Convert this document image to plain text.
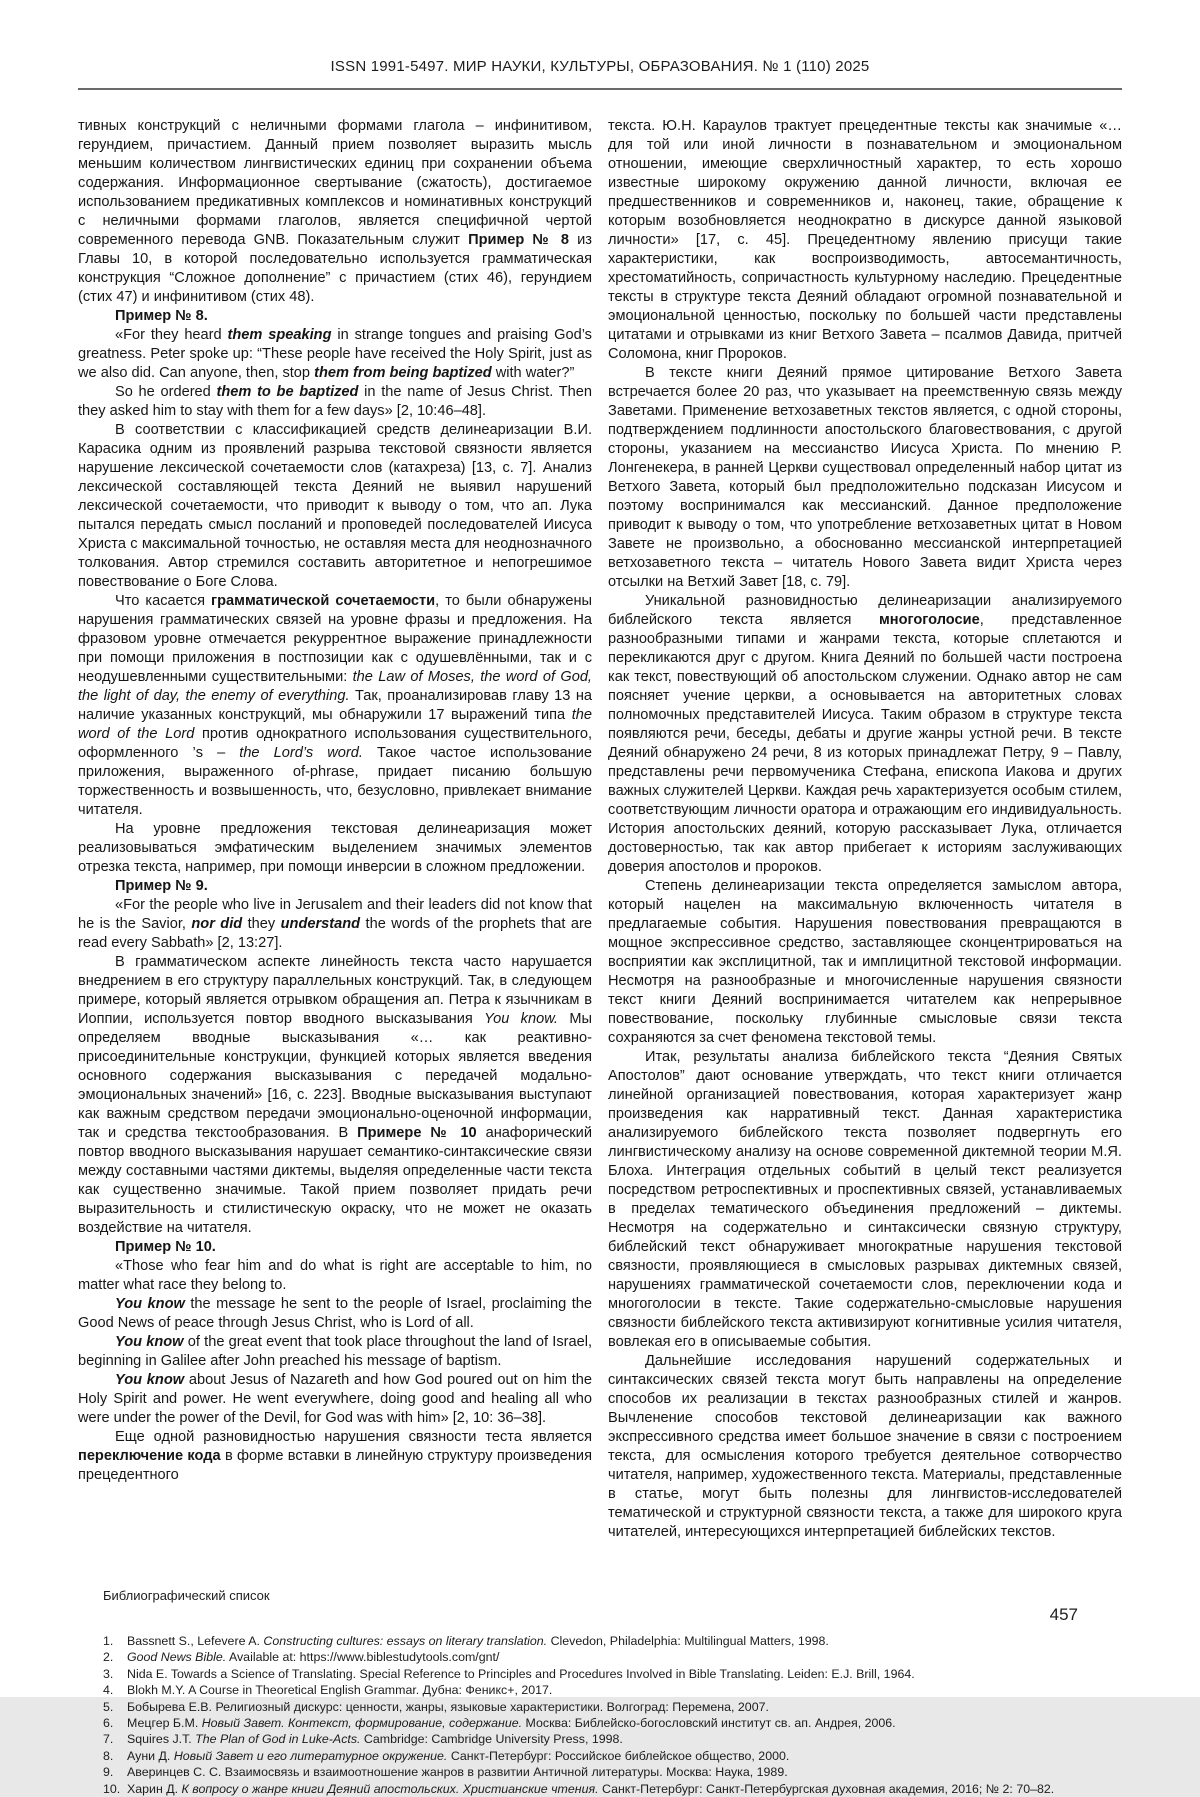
ISSN 1991-5497. МИР НАУКИ, КУЛЬТУРЫ, ОБРАЗОВАНИЯ. № 1 (110) 2025

тивных конструкций с неличными формами глагола – инфинитивом, герундием, причастием. Данный прием позволяет выразить мысль меньшим количеством лингвистических единиц при сохранении объема содержания. Информационное свертывание (сжатость), достигаемое использованием предикативных комплексов и номинативных конструкций с неличными формами глаголов, является специфичной чертой современного перевода GNB. Показательным служит Пример № 8 из Главы 10, в которой последовательно используется грамматическая конструкция “Сложное дополнение” с причастием (стих 46), герундием (стих 47) и инфинитивом (стих 48).

Пример № 8.

«For they heard them speaking in strange tongues and praising God’s greatness. Peter spoke up: “These people have received the Holy Spirit, just as we also did. Can anyone, then, stop them from being baptized with water?”

So he ordered them to be baptized in the name of Jesus Christ. Then they asked him to stay with them for a few days» [2, 10:46–48].

В соответствии с классификацией средств делинеаризации В.И. Карасика одним из проявлений разрыва текстовой связности является нарушение лексической сочетаемости слов (катахреза) [13, с. 7]. Анализ лексической составляющей текста Деяний не выявил нарушений лексической сочетаемости, что приводит к выводу о том, что ап. Лука пытался передать смысл посланий и проповедей последователей Иисуса Христа с максимальной точностью, не оставляя места для неоднозначного толкования. Автор стремился составить авторитетное и непогрешимое повествование о Боге Слова.

Что касается грамматической сочетаемости, то были обнаружены нарушения грамматических связей на уровне фразы и предложения. На фразовом уровне отмечается рекуррентное выражение принадлежности при помощи приложения в постпозиции как с одушевлёнными, так и с неодушевленными существительными: the Law of Moses, the word of God, the light of day, the enemy of everything. Так, проанализировав главу 13 на наличие указанных конструкций, мы обнаружили 17 выражений типа the word of the Lord против однократного использования существительного, оформленного ’s – the Lord’s word. Такое частое использование приложения, выраженного of-phrase, придает писанию большую торжественность и возвышенность, что, безусловно, привлекает внимание читателя.

На уровне предложения текстовая делинеаризация может реализовываться эмфатическим выделением значимых элементов отрезка текста, например, при помощи инверсии в сложном предложении.

Пример № 9.

«For the people who live in Jerusalem and their leaders did not know that he is the Savior, nor did they understand the words of the prophets that are read every Sabbath» [2, 13:27].

В грамматическом аспекте линейность текста часто нарушается внедрением в его структуру параллельных конструкций. Так, в следующем примере, который является отрывком обращения ап. Петра к язычникам в Иоппии, используется повтор вводного высказывания You know. Мы определяем вводные высказывания «… как реактивно-присоединительные конструкции, функцией которых является введения основного содержания высказывания с передачей модально-эмоциональных значений» [16, с. 223]. Вводные высказывания выступают как важным средством передачи эмоционально-оценочной информации, так и средства текстообразования. В Примере № 10 анафорический повтор вводного высказывания нарушает семантико-синтаксические связи между составными частями диктемы, выделяя определенные части текста как существенно значимые. Такой прием позволяет придать речи выразительность и стилистическую окраску, что не может не оказать воздействие на читателя.

Пример № 10.

«Those who fear him and do what is right are acceptable to him, no matter what race they belong to.

You know the message he sent to the people of Israel, proclaiming the Good News of peace through Jesus Christ, who is Lord of all.

You know of the great event that took place throughout the land of Israel, beginning in Galilee after John preached his message of baptism.

You know about Jesus of Nazareth and how God poured out on him the Holy Spirit and power. He went everywhere, doing good and healing all who were under the power of the Devil, for God was with him» [2, 10: 36–38].

Еще одной разновидностью нарушения связности теста является переключение кода в форме вставки в линейную структуру произведения прецедентного

текста. Ю.Н. Караулов трактует прецедентные тексты как значимые «…для той или иной личности в познавательном и эмоциональном отношении, имеющие сверхличностный характер, то есть хорошо известные широкому окружению данной личности, включая ее предшественников и современников и, наконец, такие, обращение к которым возобновляется неоднократно в дискурсе данной языковой личности» [17, с. 45]. Прецедентному явлению присущи такие характеристики, как воспроизводимость, автосемантичность, хрестоматийность, сопричастность культурному наследию. Прецедентные тексты в структуре текста Деяний обладают огромной познавательной и эмоциональной ценностью, поскольку по большей части представлены цитатами и отрывками из книг Ветхого Завета – псалмов Давида, притчей Соломона, книг Пророков.

В тексте книги Деяний прямое цитирование Ветхого Завета встречается более 20 раз, что указывает на преемственную связь между Заветами. Применение ветхозаветных текстов является, с одной стороны, подтверждением подлинности апостольского благовествования, с другой стороны, указанием на мессианство Иисуса Христа. По мнению Р. Лонгенекера, в ранней Церкви существовал определенный набор цитат из Ветхого Завета, который был предположительно подсказан Иисусом и поэтому воспринимался как мессианский. Данное предположение приводит к выводу о том, что употребление ветхозаветных цитат в Новом Завете не произвольно, а обоснованно мессианской интерпретацией ветхозаветного текста – читатель Нового Завета видит Христа через отсылки на Ветхий Завет [18, с. 79].

Уникальной разновидностью делинеаризации анализируемого библейского текста является многоголосие, представленное разнообразными типами и жанрами текста, которые сплетаются и перекликаются друг с другом. Книга Деяний по большей части построена как текст, повествующий об апостольском служении. Однако автор не сам поясняет учение церкви, а основывается на авторитетных словах полномочных представителей Иисуса. Таким образом в структуре текста появляются речи, беседы, дебаты и другие жанры устной речи. В тексте Деяний обнаружено 24 речи, 8 из которых принадлежат Петру, 9 – Павлу, представлены речи первомученика Стефана, епископа Иакова и других важных служителей Церкви. Каждая речь характеризуется особым стилем, соответствующим личности оратора и отражающим его индивидуальность. История апостольских деяний, которую рассказывает Лука, отличается достоверностью, так как автор прибегает к историям заслуживающих доверия апостолов и пророков.

Степень делинеаризации текста определяется замыслом автора, который нацелен на максимальную включенность читателя в предлагаемые события. Нарушения повествования превращаются в мощное экспрессивное средство, заставляющее сконцентрироваться на восприятии как эксплицитной, так и имплицитной текстовой информации. Несмотря на разнообразные и многочисленные нарушения связности текст книги Деяний воспринимается читателем как непрерывное повествование, поскольку глубинные смысловые связи текста сохраняются за счет феномена текстовой темы.

Итак, результаты анализа библейского текста “Деяния Святых Апостолов” дают основание утверждать, что текст книги отличается линейной организацией повествования, которая характеризует жанр произведения как нарративный текст. Данная характеристика анализируемого библейского текста позволяет подвергнуть его лингвистическому анализу на основе современной диктемной теории М.Я. Блоха. Интеграция отдельных событий в целый текст реализуется посредством ретроспективных и проспективных связей, устанавливаемых в пределах тематического объединения предложений – диктемы. Несмотря на содержательно и синтаксически связную структуру, библейский текст обнаруживает многократные нарушения текстовой связности, проявляющиеся в смысловых разрывах диктемных связей, нарушениях грамматической сочетаемости слов, переключении кода и многоголосии в тексте. Такие содержательно-смысловые нарушения связности библейского текста активизируют когнитивные усилия читателя, вовлекая его в описываемые события.

Дальнейшие исследования нарушений содержательных и синтаксических связей текста могут быть направлены на определение способов их реализации в текстах разнообразных стилей и жанров. Вычленение способов текстовой делинеаризации как важного экспрессивного средства имеет большое значение в связи с построением текста, для осмысления которого требуется деятельное сотворчество читателя, например, художественного текста. Материалы, представленные в статье, могут быть полезны для лингвистов-исследователей тематической и структурной связности текста, а также для широкого круга читателей, интересующихся интерпретацией библейских текстов.

Библиографический список
1.	Bassnett S., Lefevere A. Constructing cultures: essays on literary translation. Clevedon, Philadelphia: Multilingual Matters, 1998.
2.	Good News Bible. Available at: https://www.biblestudytools.com/gnt/
3.	Nida E. Towards a Science of Translating. Special Reference to Principles and Procedures Involved in Bible Translating. Leiden: E.J. Brill, 1964.
4.	Blokh M.Y. A Course in Theoretical English Grammar. Дубна: Феникс+, 2017.
5.	Бобырева Е.В. Религиозный дискурс: ценности, жанры, языковые характеристики. Волгоград: Перемена, 2007.
6.	Мецгер Б.М. Новый Завет. Контекст, формирование, содержание. Москва: Библейско-богословский институт св. ап. Андрея, 2006.
7.	Squires J.T. The Plan of God in Luke-Acts. Cambridge: Cambridge University Press, 1998.
8.	Ауни Д. Новый Завет и его литературное окружение. Санкт-Петербург: Российское библейское общество, 2000.
9.	Аверинцев С. С. Взаимосвязь и взаимоотношение жанров в развитии Античной литературы. Москва: Наука, 1989.
10. Харин Д. К вопросу о жанре книги Деяний апостольских. Христианские чтения. Санкт-Петербург: Санкт-Петербургская духовная академия, 2016; № 2: 70–82.
457
